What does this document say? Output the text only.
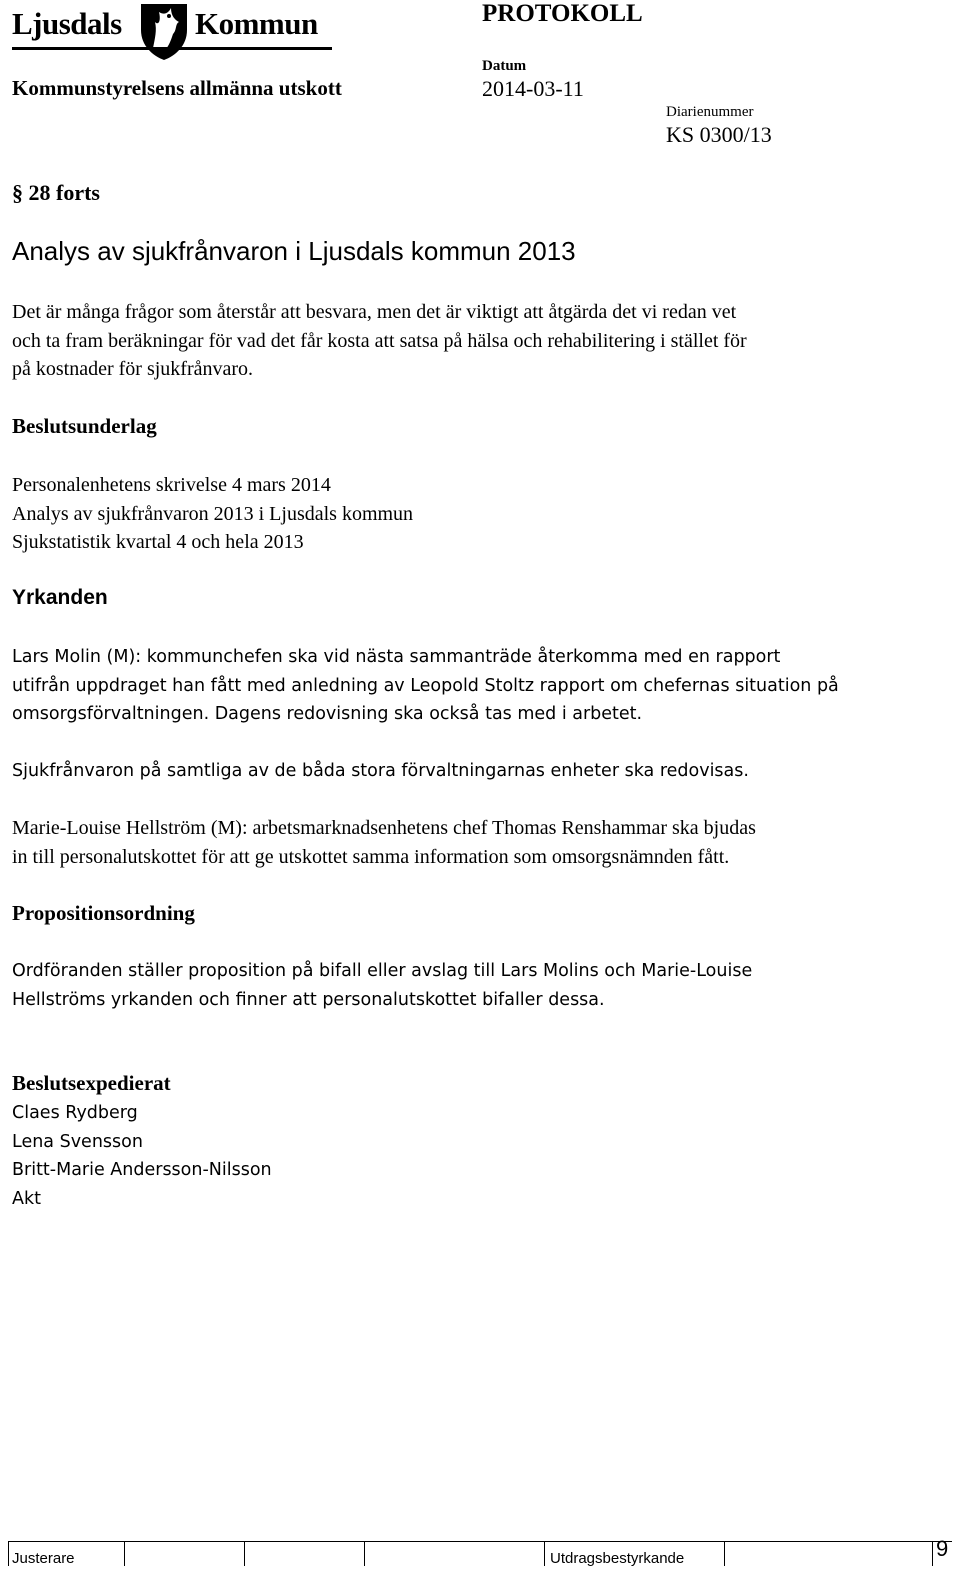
Ljusdals Kommun	PROTOKOLL
Kommunstyrelsens allmänna utskott
Datum
2014-03-11
Diarienummer
KS 0300/13
§ 28 forts
Analys av sjukfrånvaron i Ljusdals kommun 2013
Det är många frågor som återstår att besvara, men det är viktigt att åtgärda det vi redan vet
och ta fram beräkningar för vad det får kosta att satsa på hälsa och rehabilitering i stället för
på kostnader för sjukfrånvaro.
Beslutsunderlag
Personalenhetens skrivelse 4 mars 2014
Analys av sjukfrånvaron 2013 i Ljusdals kommun
Sjukstatistik kvartal 4 och hela 2013
Yrkanden
Lars Molin (M): kommunchefen ska vid nästa sammanträde återkomma med en rapport
utifrån uppdraget han fått med anledning av Leopold Stoltz rapport om chefernas situation på
omsorgsförvaltningen. Dagens redovisning ska också tas med i arbetet.
Sjukfrånvaron på samtliga av de båda stora förvaltningarnas enheter ska redovisas.
Marie-Louise Hellström (M): arbetsmarknadsenhetens chef Thomas Renshammar ska bjudas
in till personalutskottet för att ge utskottet samma information som omsorgsnämnden fått.
Propositionsordning
Ordföranden ställer proposition på bifall eller avslag till Lars Molins och Marie-Louise
Hellströms yrkanden och finner att personalutskottet bifaller dessa.
Beslutsexpedierat
Claes Rydberg
Lena Svensson
Britt-Marie Andersson-Nilsson
Akt
Justerare	Utdragsbestyrkande	9
